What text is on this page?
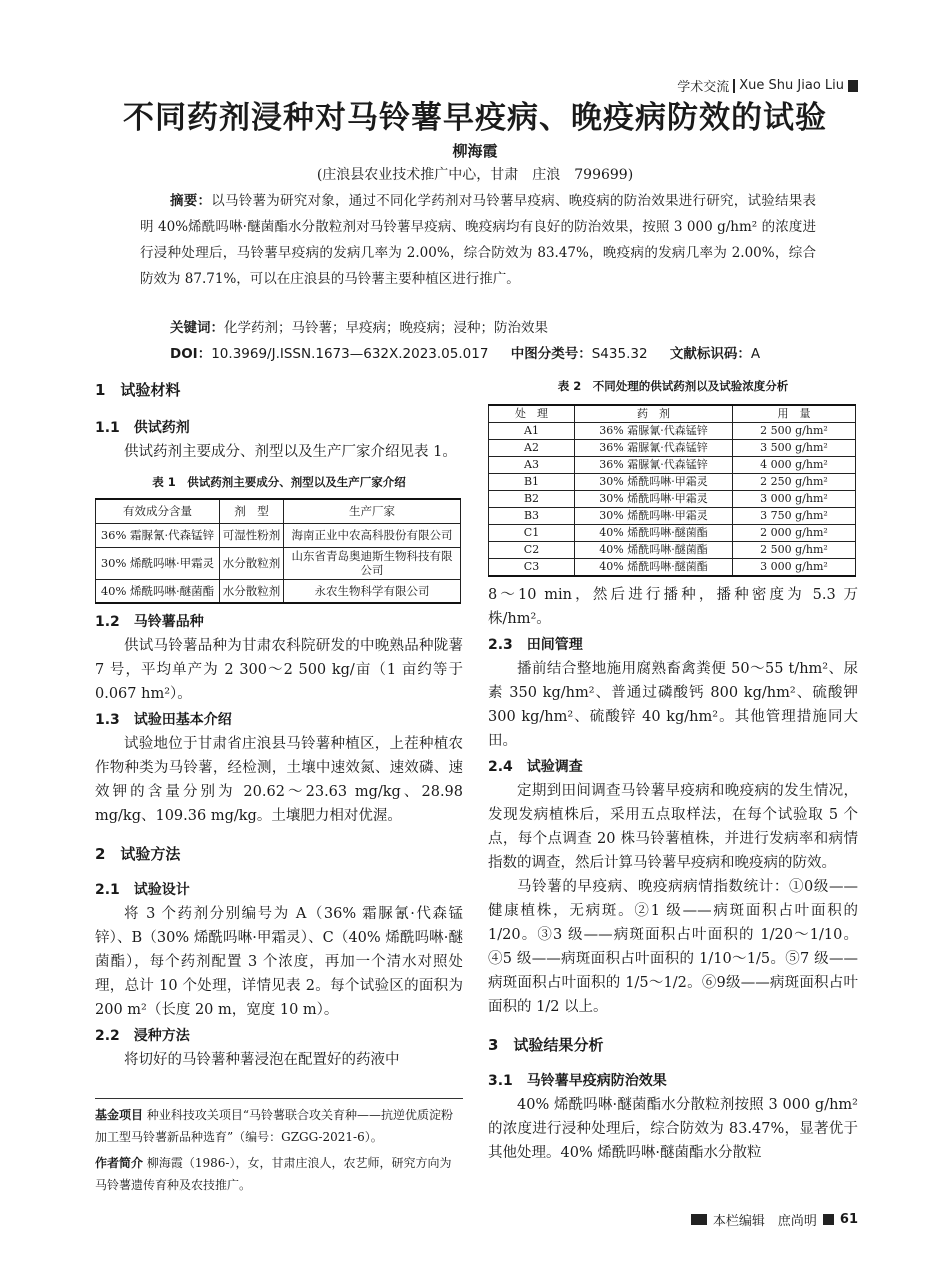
学术交流 Xue Shu Jiao Liu
不同药剂浸种对马铃薯早疫病、晚疫病防效的试验
柳海霞
(庄浪县农业技术推广中心，甘肃　庄浪　799699)
摘要：以马铃薯为研究对象，通过不同化学药剂对马铃薯早疫病、晚疫病的防治效果进行研究，试验结果表明 40%烯酰吗啉·醚菌酯水分散粒剂对马铃薯早疫病、晚疫病均有良好的防治效果，按照 3 000 g/hm² 的浓度进行浸种处理后，马铃薯早疫病的发病几率为 2.00%，综合防效为 83.47%，晚疫病的发病几率为 2.00%，综合防效为 87.71%，可以在庄浪县的马铃薯主要种植区进行推广。
关键词：化学药剂；马铃薯；早疫病；晚疫病；浸种；防治效果
DOI：10.3969/J.ISSN.1673—632X.2023.05.017 中图分类号：S435.32 文献标识码：A
1　试验材料
1.1　供试药剂
供试药剂主要成分、剂型以及生产厂家介绍见表 1。
表 1　供试药剂主要成分、剂型以及生产厂家介绍
有效成分含量	剂　型	生产厂家
36% 霜脲氰·代森锰锌	可湿性粉剂	海南正业中农高科股份有限公司
30% 烯酰吗啉·甲霜灵	水分散粒剂	山东省青岛奥迪斯生物科技有限公司
40% 烯酰吗啉·醚菌酯	水分散粒剂	永农生物科学有限公司
1.2　马铃薯品种
供试马铃薯品种为甘肃农科院研发的中晚熟品种陇薯 7 号，平均单产为 2 300～2 500 kg/亩（1 亩约等于 0.067 hm²）。
1.3　试验田基本介绍
试验地位于甘肃省庄浪县马铃薯种植区，上茬种植农作物种类为马铃薯，经检测，土壤中速效氮、速效磷、速效钾的含量分别为 20.62～23.63 mg/kg、28.98 mg/kg、109.36 mg/kg。土壤肥力相对优渥。
2　试验方法
2.1　试验设计
将 3 个药剂分别编号为 A（36% 霜脲氰·代森锰锌）、B（30% 烯酰吗啉·甲霜灵）、C（40% 烯酰吗啉·醚菌酯），每个药剂配置 3 个浓度，再加一个清水对照处理，总计 10 个处理，详情见表 2。每个试验区的面积为 200 m²（长度 20 m，宽度 10 m）。
2.2　浸种方法
将切好的马铃薯种薯浸泡在配置好的药液中
基金项目 种业科技攻关项目“马铃薯联合攻关育种——抗逆优质淀粉加工型马铃薯新品种选育”（编号：GZGG-2021-6）。
作者简介 柳海霞（1986-），女，甘肃庄浪人，农艺师，研究方向为马铃薯遗传育种及农技推广。
表 2　不同处理的供试药剂以及试验浓度分析
处　理	药　剂	用　量
A1	36% 霜脲氰·代森锰锌	2 500 g/hm²
A2	36% 霜脲氰·代森锰锌	3 500 g/hm²
A3	36% 霜脲氰·代森锰锌	4 000 g/hm²
B1	30% 烯酰吗啉·甲霜灵	2 250 g/hm²
B2	30% 烯酰吗啉·甲霜灵	3 000 g/hm²
B3	30% 烯酰吗啉·甲霜灵	3 750 g/hm²
C1	40% 烯酰吗啉·醚菌酯	2 000 g/hm²
C2	40% 烯酰吗啉·醚菌酯	2 500 g/hm²
C3	40% 烯酰吗啉·醚菌酯	3 000 g/hm²
8～10 min，然后进行播种，播种密度为 5.3 万株/hm²。
2.3　田间管理
播前结合整地施用腐熟畜禽粪便 50～55 t/hm²、尿素 350 kg/hm²、普通过磷酸钙 800 kg/hm²、硫酸钾 300 kg/hm²、硫酸锌 40 kg/hm²。其他管理措施同大田。
2.4　试验调查
定期到田间调查马铃薯早疫病和晚疫病的发生情况，发现发病植株后，采用五点取样法，在每个试验取 5 个点，每个点调查 20 株马铃薯植株，并进行发病率和病情指数的调查，然后计算马铃薯早疫病和晚疫病的防效。
马铃薯的早疫病、晚疫病病情指数统计：①0级——健康植株，无病斑。②1 级——病斑面积占叶面积的 1/20。③3 级——病斑面积占叶面积的 1/20～1/10。④5 级——病斑面积占叶面积的 1/10～1/5。⑤7 级——病斑面积占叶面积的 1/5～1/2。⑥9级——病斑面积占叶面积的 1/2 以上。
3　试验结果分析
3.1　马铃薯早疫病防治效果
40% 烯酰吗啉·醚菌酯水分散粒剂按照 3 000 g/hm² 的浓度进行浸种处理后，综合防效为 83.47%，显著优于其他处理。40% 烯酰吗啉·醚菌酯水分散粒
本栏编辑　庶尚明 61
